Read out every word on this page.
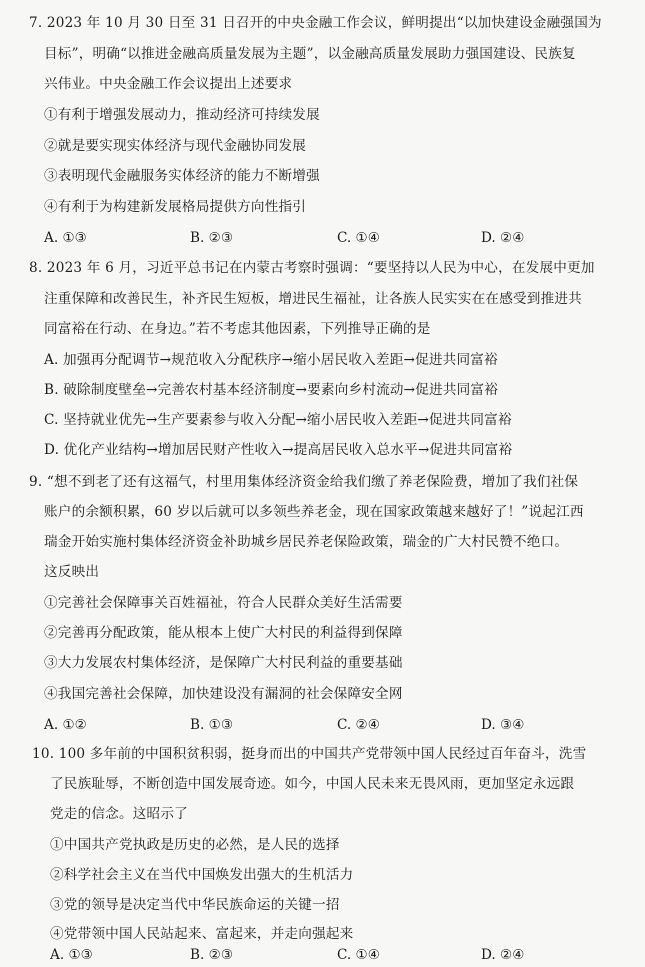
7. 2023 年 10 月 30 日至 31 日召开的中央金融工作会议，鲜明提出“以加快建设金融强国为
目标”，明确“以推进金融高质量发展为主题”，以金融高质量发展助力强国建设、民族复
兴伟业。中央金融工作会议提出上述要求
①有利于增强发展动力，推动经济可持续发展
②就是要实现实体经济与现代金融协同发展
③表明现代金融服务实体经济的能力不断增强
④有利于为构建新发展格局提供方向性指引
A. ①③	B. ②③	C. ①④	D. ②④
8. 2023 年 6 月，习近平总书记在内蒙古考察时强调：“要坚持以人民为中心，在发展中更加
注重保障和改善民生，补齐民生短板，增进民生福祉，让各族人民实实在在感受到推进共
同富裕在行动、在身边。”若不考虑其他因素，下列推导正确的是
A. 加强再分配调节→规范收入分配秩序→缩小居民收入差距→促进共同富裕
B. 破除制度壁垒→完善农村基本经济制度→要素向乡村流动→促进共同富裕
C. 坚持就业优先→生产要素参与收入分配→缩小居民收入差距→促进共同富裕
D. 优化产业结构→增加居民财产性收入→提高居民收入总水平→促进共同富裕
9. “想不到老了还有这福气，村里用集体经济资金给我们缴了养老保险费，增加了我们社保
账户的余额积累，60 岁以后就可以多领些养老金，现在国家政策越来越好了！”说起江西
瑞金开始实施村集体经济资金补助城乡居民养老保险政策，瑞金的广大村民赞不绝口。
这反映出
①完善社会保障事关百姓福祉，符合人民群众美好生活需要
②完善再分配政策，能从根本上使广大村民的利益得到保障
③大力发展农村集体经济，是保障广大村民利益的重要基础
④我国完善社会保障，加快建设没有漏洞的社会保障安全网
A. ①②	B. ①③	C. ②④	D. ③④
10. 100 多年前的中国积贫积弱，挺身而出的中国共产党带领中国人民经过百年奋斗，洗雪
了民族耻辱，不断创造中国发展奇迹。如今，中国人民未来无畏风雨，更加坚定永远跟
党走的信念。这昭示了
①中国共产党执政是历史的必然，是人民的选择
②科学社会主义在当代中国焕发出强大的生机活力
③党的领导是决定当代中华民族命运的关键一招
④党带领中国人民站起来、富起来，并走向强起来
A. ①③	B. ②③	C. ①④	D. ②④
